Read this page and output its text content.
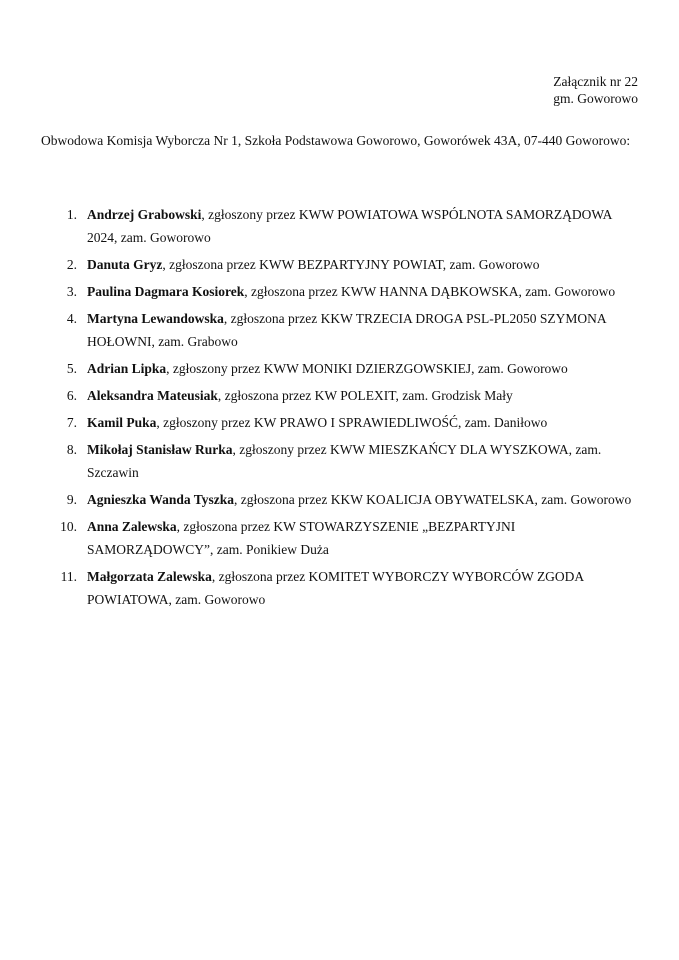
Załącznik nr 22
gm. Goworowo
Obwodowa Komisja Wyborcza Nr 1, Szkoła Podstawowa Goworowo, Goworówek 43A, 07-440 Goworowo:
1. Andrzej Grabowski, zgłoszony przez KWW POWIATOWA WSPÓLNOTA SAMORZĄDOWA 2024, zam. Goworowo
2. Danuta Gryz, zgłoszona przez KWW BEZPARTYJNY POWIAT, zam. Goworowo
3. Paulina Dagmara Kosiorek, zgłoszona przez KWW HANNA DĄBKOWSKA, zam. Goworowo
4. Martyna Lewandowska, zgłoszona przez KKW TRZECIA DROGA PSL-PL2050 SZYMONA HOŁOWNI, zam. Grabowo
5. Adrian Lipka, zgłoszony przez KWW MONIKI DZIERZGOWSKIEJ, zam. Goworowo
6. Aleksandra Mateusiak, zgłoszona przez KW POLEXIT, zam. Grodzisk Mały
7. Kamil Puka, zgłoszony przez KW PRAWO I SPRAWIEDLIWOŚĆ, zam. Daniłowo
8. Mikołaj Stanisław Rurka, zgłoszony przez KWW MIESZKAŃCY DLA WYSZKOWA, zam. Szczawin
9. Agnieszka Wanda Tyszka, zgłoszona przez KKW KOALICJA OBYWATELSKA, zam. Goworowo
10. Anna Zalewska, zgłoszona przez KW STOWARZYSZENIE „BEZPARTYJNI SAMORZĄDOWCY”, zam. Ponikiew Duża
11. Małgorzata Zalewska, zgłoszona przez KOMITET WYBORCZY WYBORCÓW ZGODA POWIATOWA, zam. Goworowo
